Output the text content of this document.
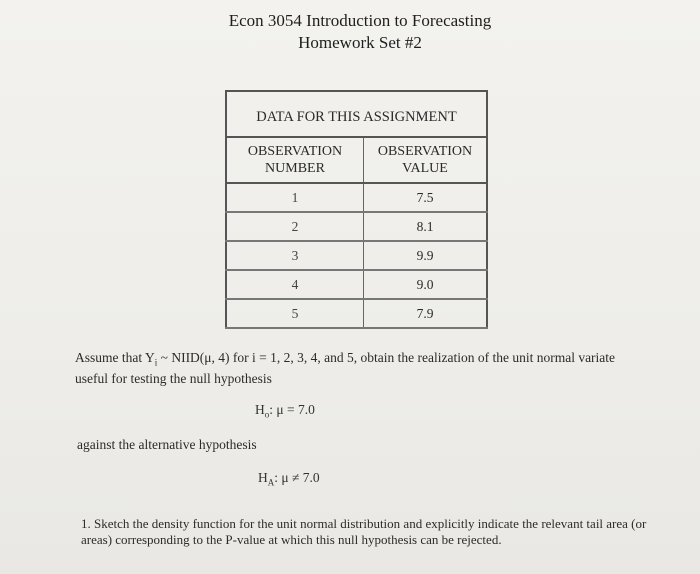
Econ 3054 Introduction to Forecasting
Homework Set #2
DATA FOR THIS ASSIGNMENT	
OBSERVATION NUMBER	OBSERVATION VALUE
1	7.5
2	8.1
3	9.9
4	9.0
5	7.9
Assume that $Y_i$ ~ NIID(μ, 4) for i = 1, 2, 3, 4, and 5, obtain the realization of the unit normal variate useful for testing the null hypothesis
$H_o$: μ = 7.0
against the alternative hypothesis
$H_A$: μ ≠ 7.0
1. Sketch the density function for the unit normal distribution and explicitly indicate the relevant tail area (or areas) corresponding to the P-value at which this null hypothesis can be rejected.
